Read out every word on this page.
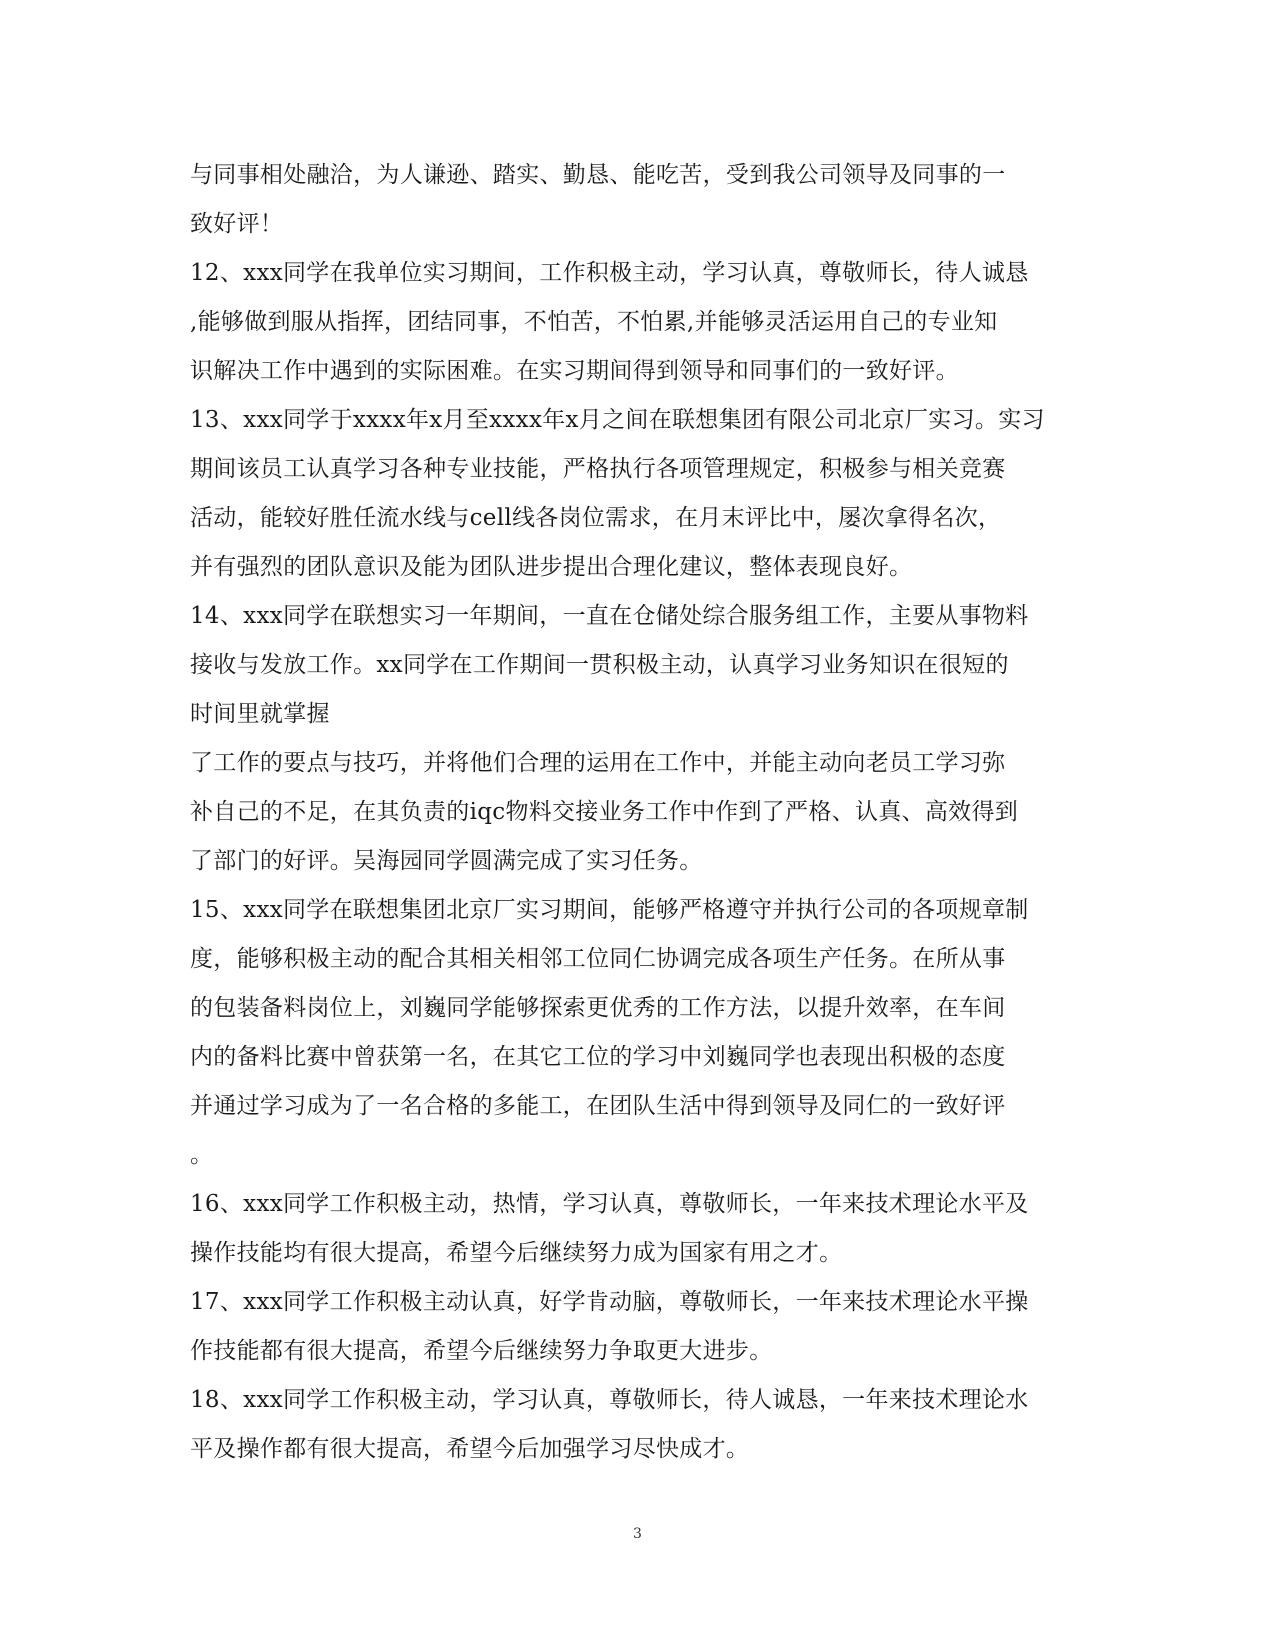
与同事相处融洽，为人谦逊、踏实、勤恳、能吃苦，受到我公司领导及同事的一
致好评！
12、xxx同学在我单位实习期间，工作积极主动，学习认真，尊敬师长，待人诚恳
,能够做到服从指挥，团结同事，不怕苦，不怕累,并能够灵活运用自己的专业知
识解决工作中遇到的实际困难。在实习期间得到领导和同事们的一致好评。
13、xxx同学于xxxx年x月至xxxx年x月之间在联想集团有限公司北京厂实习。实习
期间该员工认真学习各种专业技能，严格执行各项管理规定，积极参与相关竞赛
活动，能较好胜任流水线与cell线各岗位需求，在月末评比中，屡次拿得名次，
并有强烈的团队意识及能为团队进步提出合理化建议，整体表现良好。
14、xxx同学在联想实习一年期间，一直在仓储处综合服务组工作，主要从事物料
接收与发放工作。xx同学在工作期间一贯积极主动，认真学习业务知识在很短的
时间里就掌握
了工作的要点与技巧，并将他们合理的运用在工作中，并能主动向老员工学习弥
补自己的不足，在其负责的iqc物料交接业务工作中作到了严格、认真、高效得到
了部门的好评。吴海园同学圆满完成了实习任务。
15、xxx同学在联想集团北京厂实习期间，能够严格遵守并执行公司的各项规章制
度，能够积极主动的配合其相关相邻工位同仁协调完成各项生产任务。在所从事
的包装备料岗位上，刘巍同学能够探索更优秀的工作方法，以提升效率，在车间
内的备料比赛中曾获第一名，在其它工位的学习中刘巍同学也表现出积极的态度
并通过学习成为了一名合格的多能工，在团队生活中得到领导及同仁的一致好评
。
16、xxx同学工作积极主动，热情，学习认真，尊敬师长，一年来技术理论水平及
操作技能均有很大提高，希望今后继续努力成为国家有用之才。
17、xxx同学工作积极主动认真，好学肯动脑，尊敬师长，一年来技术理论水平操
作技能都有很大提高，希望今后继续努力争取更大进步。
18、xxx同学工作积极主动，学习认真，尊敬师长，待人诚恳，一年来技术理论水
平及操作都有很大提高，希望今后加强学习尽快成才。
3
